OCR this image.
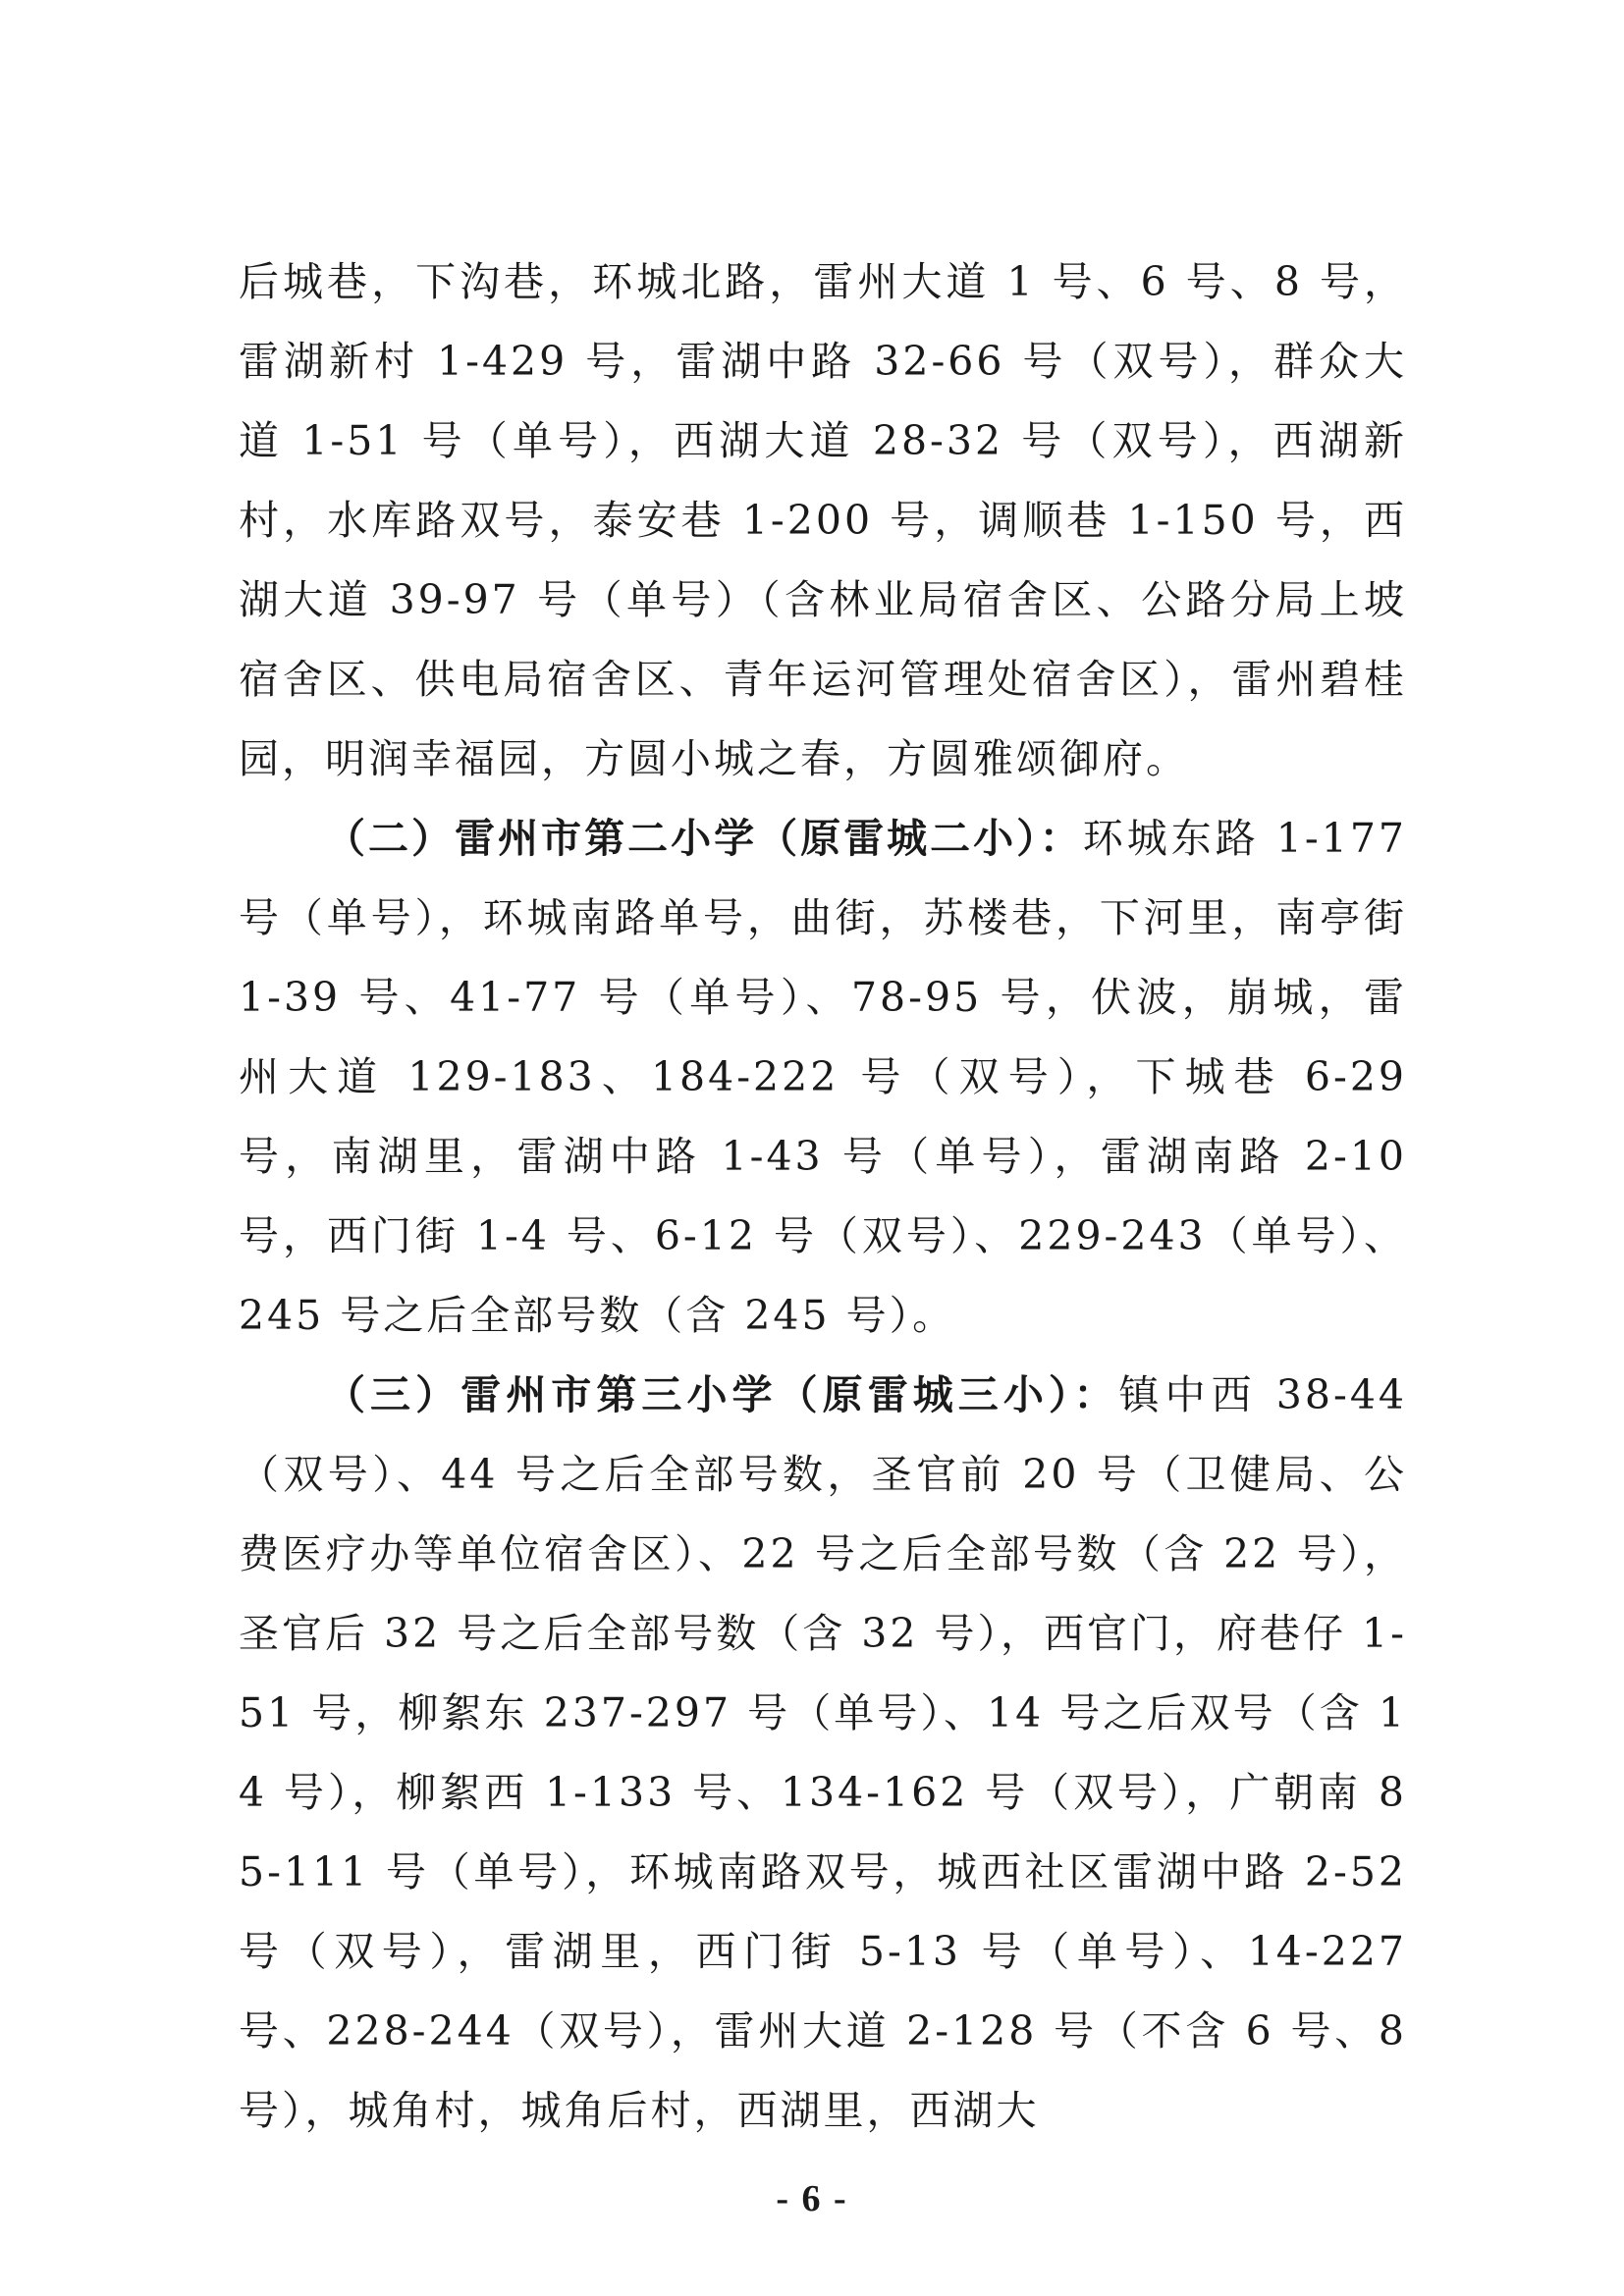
后城巷，下沟巷，环城北路，雷州大道 1 号、6 号、8 号，雷湖新村 1-429 号，雷湖中路 32-66 号（双号），群众大道 1-51 号（单号），西湖大道 28-32 号（双号），西湖新村，水库路双号，泰安巷 1-200 号，调顺巷 1-150 号，西湖大道 39-97 号（单号）（含林业局宿舍区、公路分局上坡宿舍区、供电局宿舍区、青年运河管理处宿舍区），雷州碧桂园，明润幸福园，方圆小城之春，方圆雅颂御府。

（二）雷州市第二小学（原雷城二小）：环城东路 1-177 号（单号），环城南路单号，曲街，苏楼巷，下河里，南亭街 1-39 号、41-77 号（单号）、78-95 号，伏波，崩城，雷州大道 129-183、184-222 号（双号），下城巷 6-29 号，南湖里，雷湖中路 1-43 号（单号），雷湖南路 2-10 号，西门街 1-4 号、6-12 号（双号）、229-243（单号）、245 号之后全部号数（含 245 号）。

（三）雷州市第三小学（原雷城三小）：镇中西 38-44（双号）、44 号之后全部号数，圣官前 20 号（卫健局、公费医疗办等单位宿舍区）、22 号之后全部号数（含 22 号），圣官后 32 号之后全部号数（含 32 号），西官门，府巷仔 1-51 号，柳絮东 237-297 号（单号）、14 号之后双号（含 14 号），柳絮西 1-133 号、134-162 号（双号），广朝南 85-111 号（单号），环城南路双号，城西社区雷湖中路 2-52 号（双号），雷湖里，西门街 5-13 号（单号）、14-227 号、228-244（双号），雷州大道 2-128 号（不含 6 号、8 号），城角村，城角后村，西湖里，西湖大

- 6 -
